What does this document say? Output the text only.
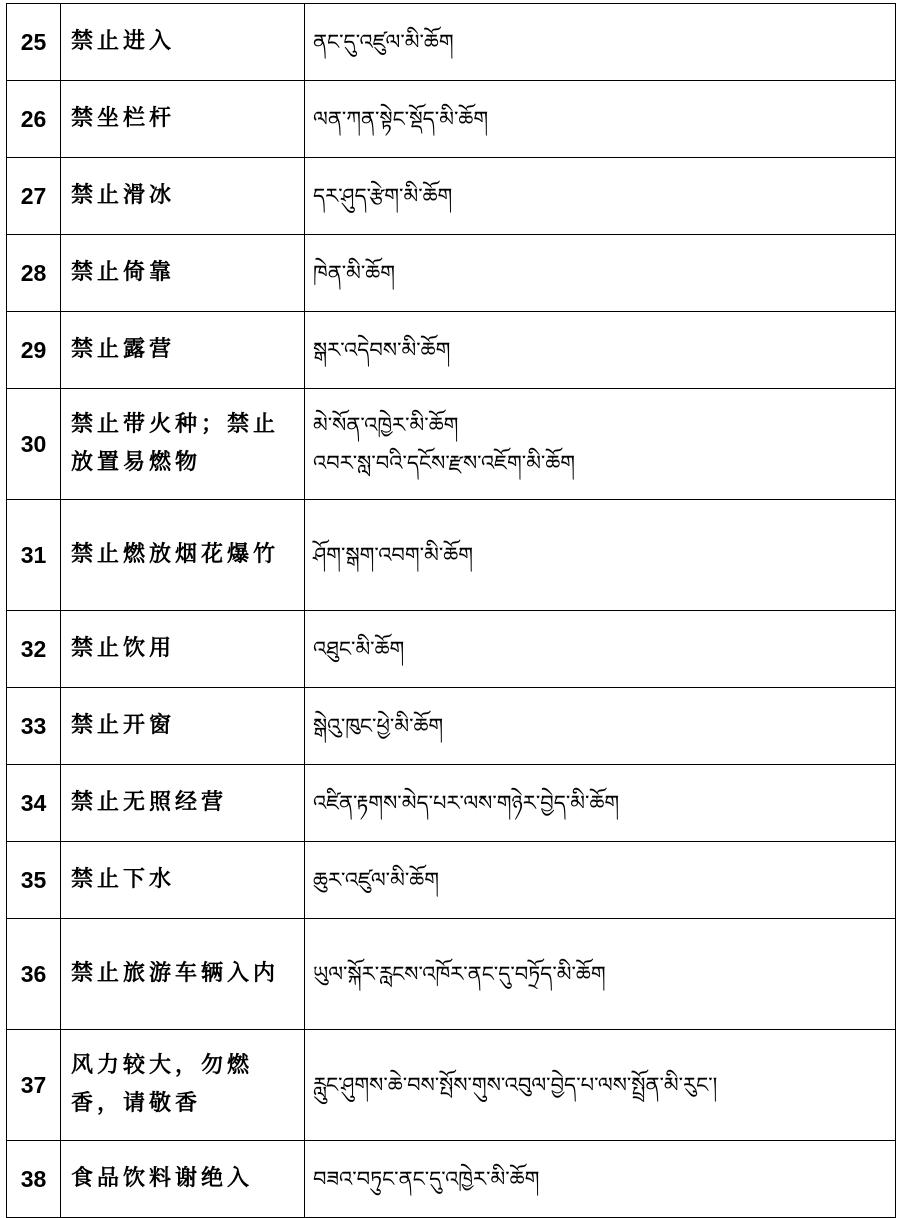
25	禁止进入	ནང་དུ་འཛུལ་མི་ཆོག

26	禁坐栏杆	ལན་ཀན་སྟེང་སྡོད་མི་ཆོག

27	禁止滑冰	དར་ཤུད་རྩེག་མི་ཆོག

28	禁止倚靠	ཁེན་མི་ཆོག

29	禁止露营	སྒར་འདེབས་མི་ཆོག

30	禁止带火种；禁止放置易燃物	མེ་སོན་འཁྱེར་མི་ཆོག
འབར་སླ་བའི་དངོས་རྫས་འཇོག་མི་ཆོག

31	禁止燃放烟花爆竹	ཤོག་སྒག་འབག་མི་ཆོག

32	禁止饮用	འཐུང་མི་ཆོག

33	禁止开窗	སྒེའུ་ཁུང་ཕྱེ་མི་ཆོག

34	禁止无照经营	འཛིན་རྟགས་མེད་པར་ལས་གཉེར་བྱེད་མི་ཆོག

35	禁止下水	ཆུར་འཛུལ་མི་ཆོག

36	禁止旅游车辆入内	ཡུལ་སྐོར་རླངས་འཁོར་ནང་དུ་བཏྲོད་མི་ཆོག

37	风力较大，勿燃香，请敬香	རླུང་ཤུགས་ཆེ་བས་སྤོས་གུས་འབུལ་བྱེད་པ་ལས་སྤྲོན་མི་རུང་།

38	食品饮料谢绝入	བཟའ་བཏུང་ནང་དུ་འཁྱེར་མི་ཆོག
